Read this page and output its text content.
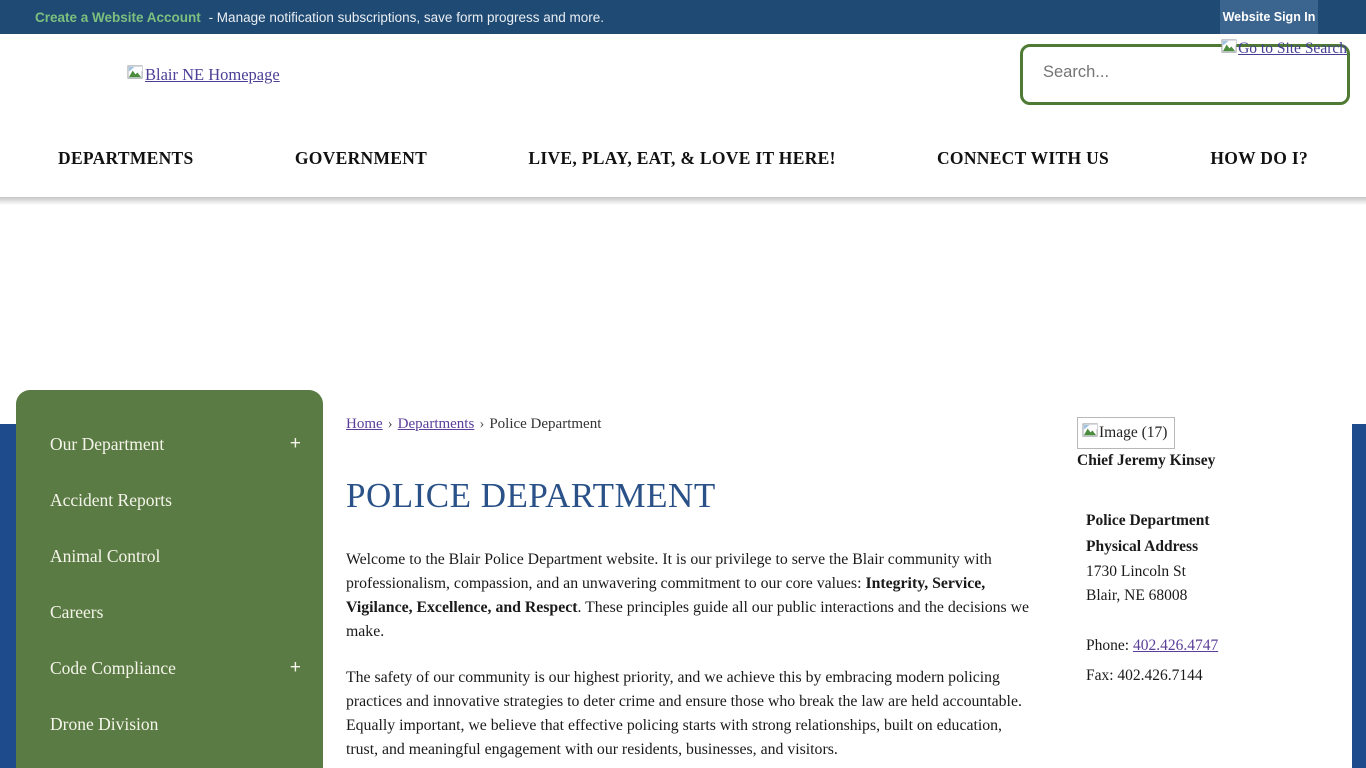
Create a Website Account - Manage notification subscriptions, save form progress and more.	Website Sign In
Blair NE Homepage
Search...
Go to Site Search
DEPARTMENTS	GOVERNMENT	LIVE, PLAY, EAT, & LOVE IT HERE!	CONNECT WITH US	HOW DO I?
Our Department	+
Accident Reports
Animal Control
Careers
Code Compliance	+
Drone Division
Home › Departments › Police Department
POLICE DEPARTMENT

Welcome to the Blair Police Department website. It is our privilege to serve the Blair community with professionalism, compassion, and an unwavering commitment to our core values: Integrity, Service, Vigilance, Excellence, and Respect. These principles guide all our public interactions and the decisions we make.

The safety of our community is our highest priority, and we achieve this by embracing modern policing practices and innovative strategies to deter crime and ensure those who break the law are held accountable. Equally important, we believe that effective policing starts with strong relationships, built on education, trust, and meaningful engagement with our residents, businesses, and visitors.

Image (17)
Chief Jeremy Kinsey
Police Department
Physical Address
1730 Lincoln St
Blair, NE 68008
Phone: 402.426.4747
Fax: 402.426.7144
